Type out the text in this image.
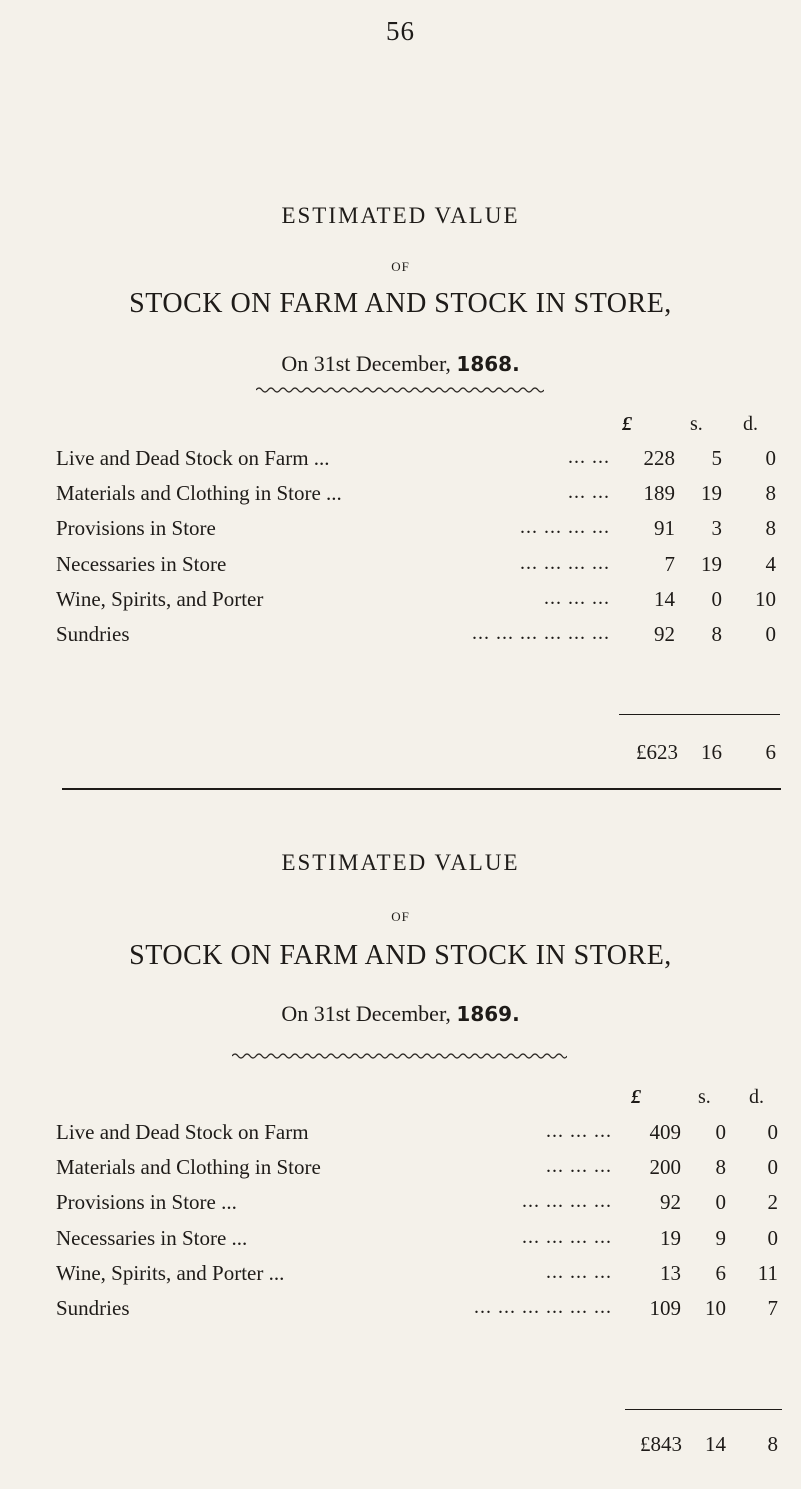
56
ESTIMATED VALUE
OF
STOCK ON FARM AND STOCK IN STORE,
On 31st December, 1868.
£	s. d.
Live and Dead Stock on Farm ...	... ... 228 5 0
Materials and Clothing in Store ...	... ... 189 19 8
Provisions in Store	... ... ... ... 91 3 8
Necessaries in Store	... ... ... ...	7 19 4
Wine, Spirits, and Porter	... ... ... 14 0 10
Sundries	... ... ... ... ... ... 92 8 0
£623	16	6
ESTIMATED VALUE
OF
STOCK ON FARM AND STOCK IN STORE,
On 31st December, 1869.
£	s. d.
Live and Dead Stock on Farm	... ... ... 409 0 0
Materials and Clothing in Store	... ... ... 200 8 0
Provisions in Store ...	... ... ... ... 92 0 2
Necessaries in Store ...	... ... ... ... 19 9 0
Wine, Spirits, and Porter ...	... ... ... 13 6 11
Sundries	... ... ... ... ... ... 109 10 7
£843	14	8
